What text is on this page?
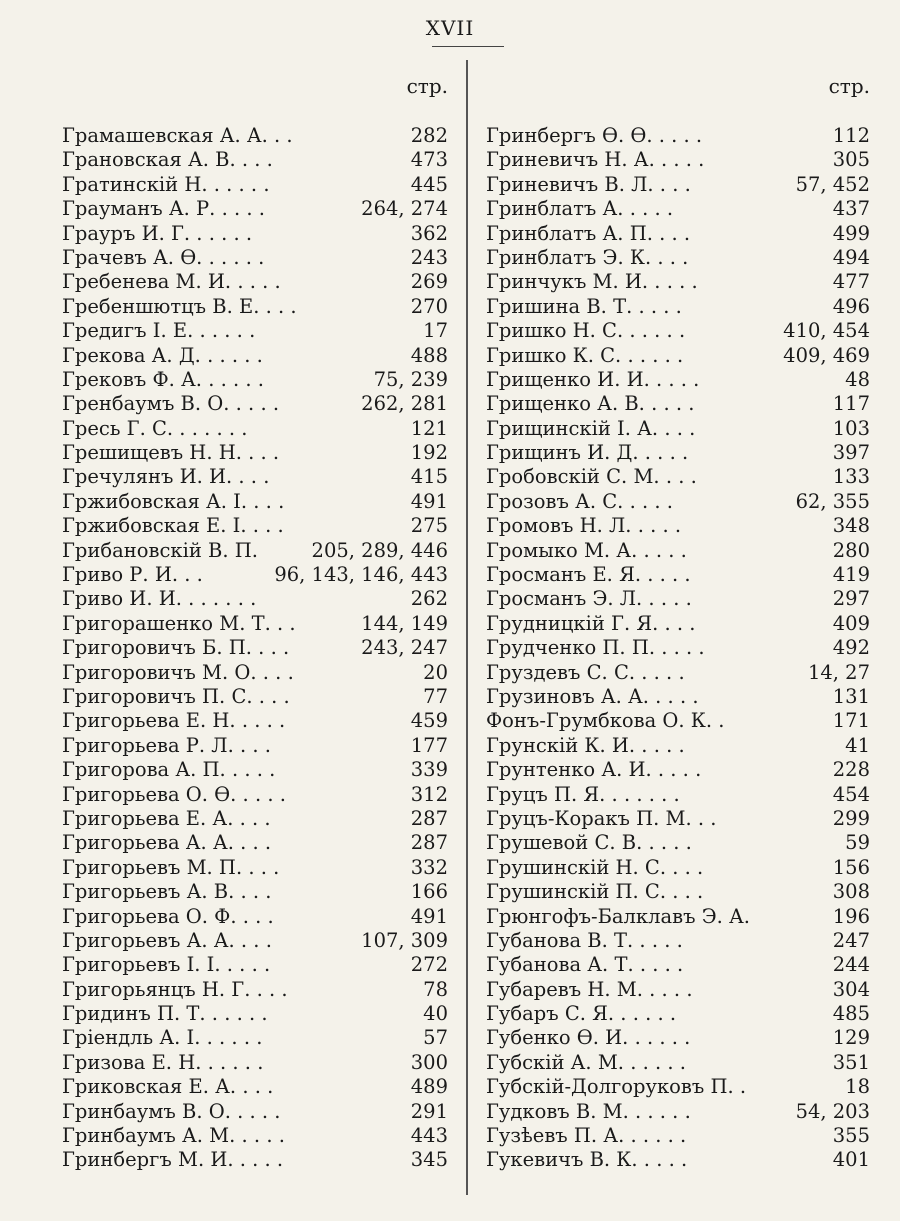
XVII
стр.
Грамашевская А. А. . .	282
Грановская А. В. . . .	473
Гратинскій Н. . . . . .	445
Грауманъ А. Р. . . . .	264, 274
Грауръ И. Г. . . . . .	362
Грачевъ А. Ѳ. . . . . .	243
Гребенева М. И. . . . .	269
Гребеншютцъ В. Е. . . .	270
Гредигъ І. Е. . . . . .	17
Грекова А. Д. . . . . .	488
Грековъ Ф. А. . . . . .	75, 239
Гренбаумъ В. О. . . . .	262, 281
Гресь Г. С. . . . . . .	121
Грешищевъ Н. Н. . . .	192
Гречулянъ И. И. . . .	415
Гржибовская А. І. . . .	491
Гржибовская Е. І. . . .	275
Грибановскій В. П.	205, 289, 446
Гриво Р. И. . .	96, 143, 146, 443
Гриво И. И. . . . . . .	262
Григорашенко М. Т. . .	144, 149
Григоровичъ Б. П. . . .	243, 247
Григоровичъ М. О. . . .	20
Григоровичъ П. С. . . .	77
Григорьева Е. Н. . . . .	459
Григорьева Р. Л. . . .	177
Григорова А. П. . . . .	339
Григорьева О. Ѳ. . . . .	312
Григорьева Е. А. . . .	287
Григорьева А. А. . . .	287
Григорьевъ М. П. . . .	332
Григорьевъ А. В. . . .	166
Григорьева О. Ф. . . .	491
Григорьевъ А. А. . . .	107, 309
Григорьевъ І. І. . . . .	272
Григорьянцъ Н. Г. . . .	78
Гридинъ П. Т. . . . . .	40
Гріендль А. І. . . . . .	57
Гризова Е. Н. . . . . .	300
Гриковская Е. А. . . .	489
Гринбаумъ В. О. . . . .	291
Гринбаумъ А. М. . . . .	443
Гринбергъ М. И. . . . .	345
стр.
Гринбергъ Ѳ. Ѳ. . . . .	112
Гриневичъ Н. А. . . . .	305
Гриневичъ В. Л. . . .	57, 452
Гринблатъ А. . . . .	437
Гринблатъ А. П. . . .	499
Гринблатъ Э. К. . . .	494
Гринчукъ М. И. . . . .	477
Гришина В. Т. . . . .	496
Гришко Н. С. . . . . .	410, 454
Гришко К. С. . . . . .	409, 469
Грищенко И. И. . . . .	48
Грищенко А. В. . . . .	117
Грищинскій І. А. . . .	103
Грищинъ И. Д. . . . .	397
Гробовскій С. М. . . .	133
Грозовъ А. С. . . . .	62, 355
Громовъ Н. Л. . . . .	348
Громыко М. А. . . . .	280
Гросманъ Е. Я. . . . .	419
Гросманъ Э. Л. . . . .	297
Грудницкій Г. Я. . . .	409
Грудченко П. П. . . . .	492
Груздевъ С. С. . . . .	14, 27
Грузиновъ А. А. . . . .	131
Фонъ-Грумбкова О. К. .	171
Грунскій К. И. . . . .	41
Грунтенко А. И. . . . .	228
Груцъ П. Я. . . . . . .	454
Груцъ-Коракъ П. М. . .	299
Грушевой С. В. . . . .	59
Грушинскій Н. С. . . .	156
Грушинскій П. С. . . .	308
Грюнгофъ-Балклавъ Э. А.	196
Губанова В. Т. . . . .	247
Губанова А. Т. . . . .	244
Губаревъ Н. М. . . . .	304
Губаръ С. Я. . . . . .	485
Губенко Ѳ. И. . . . . .	129
Губскій А. М. . . . . .	351
Губскій-Долгоруковъ П. .	18
Гудковъ В. М. . . . . .	54, 203
Гузѣевъ П. А. . . . . .	355
Гукевичъ В. К. . . . .	401
